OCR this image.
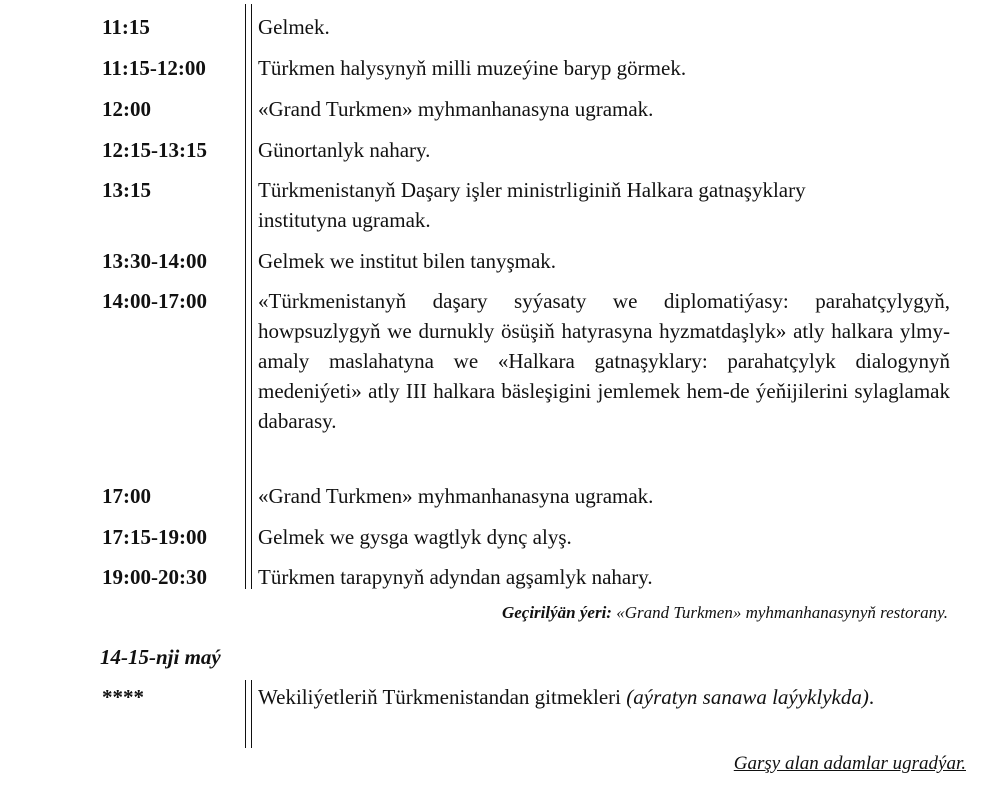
11:15	Gelmek.
11:15-12:00 Türkmen halysynyň milli muzeýine baryp görmek.
12:00	«Grand Turkmen» myhmanhanasyna ugramak.
12:15-13:15 Günortanlyk nahary.
13:15	Türkmenistanyň Daşary işler ministrliginiň Halkara gatnaşyklary institutyna ugramak.
13:30-14:00 Gelmek we institut bilen tanyşmak.
14:00-17:00 «Türkmenistanyň daşary syýasaty we diplomatiýasy: parahatçylygyň, howpsuzlygyň we durnukly ösüşiň hatyrasyna hyzmatdaşlyk» atly halkara ylmy-amaly maslahatyna we «Halkara gatnaşyklary: parahatçylyk dialogynyň medeniýeti» atly III halkara bäsleşigini jemlemek hem-de ýeňijilerini sylaglamak dabarasy.
17:00	«Grand Turkmen» myhmanhanasyna ugramak.
17:15-19:00 Gelmek we gysga wagtlyk dynç alyş.
19:00-20:30 Türkmen tarapynyň adyndan agşamlyk nahary.
Geçirilýän ýeri: «Grand Turkmen» myhmanhanasynyň restorany.
14-15-nji maý
****	Wekiliýetleriň Türkmenistandan gitmekleri (aýratyn sanawa laýyklykda).
Garşy alan adamlar ugradýar.
